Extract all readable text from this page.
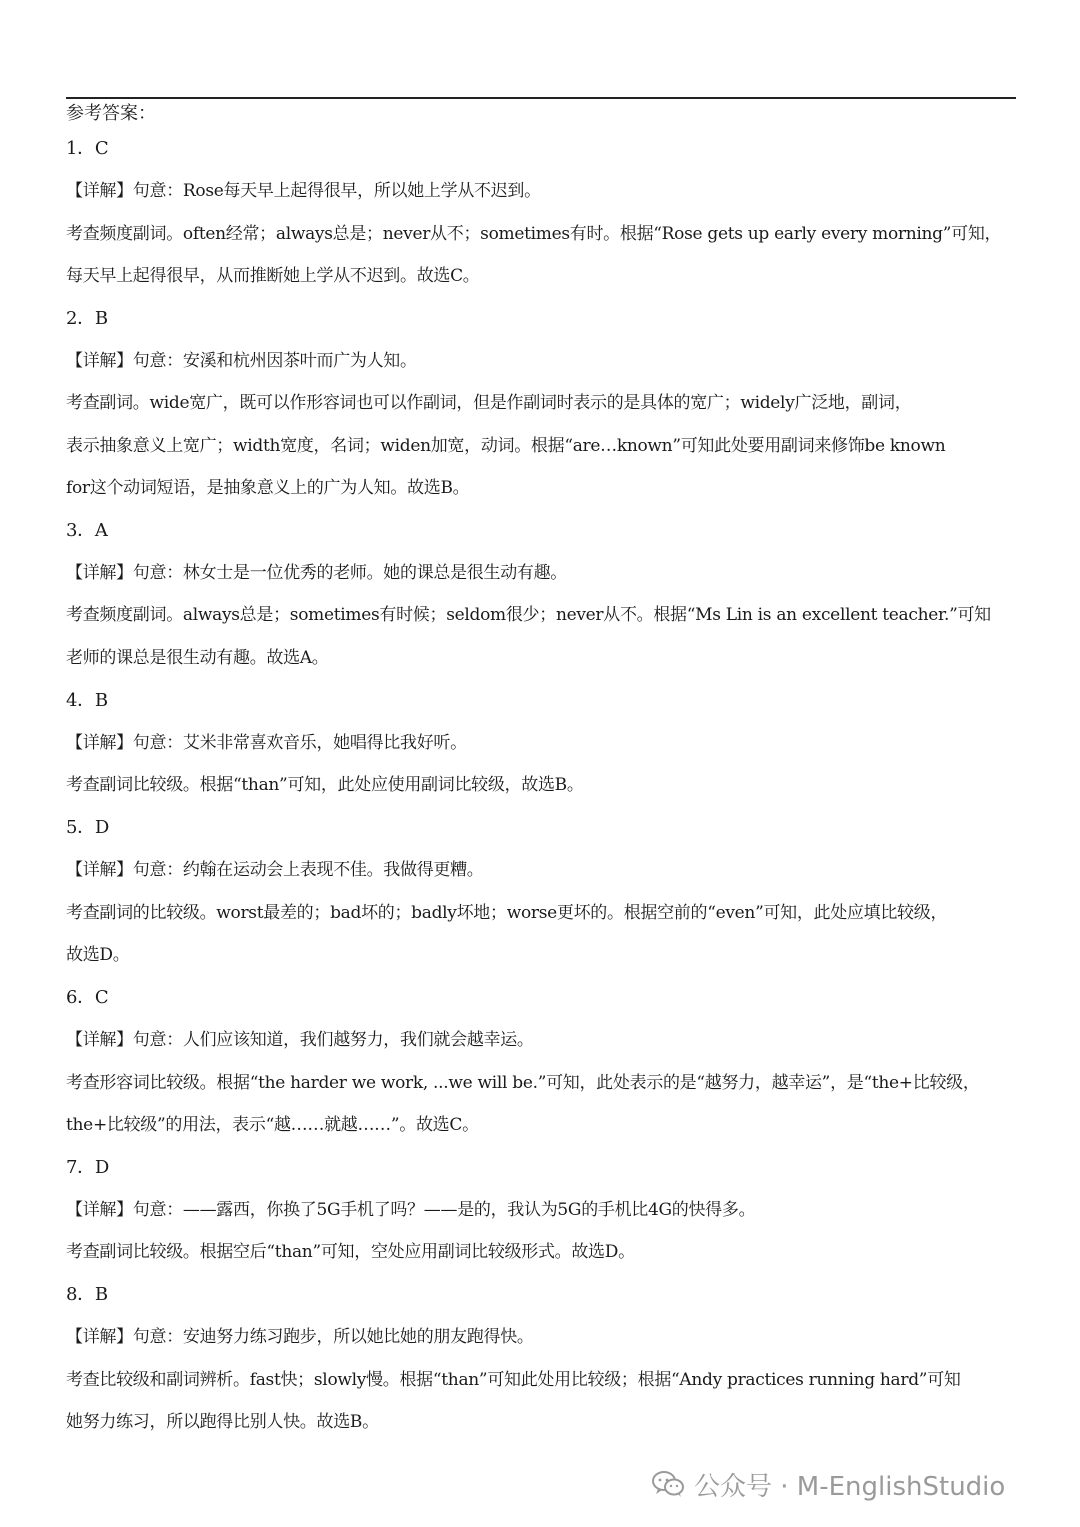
参考答案：
1．C
【详解】句意：Rose每天早上起得很早，所以她上学从不迟到。
考查频度副词。often经常；always总是；never从不；sometimes有时。根据“Rose gets up early every morning”可知，
每天早上起得很早，从而推断她上学从不迟到。故选C。
2．B
【详解】句意：安溪和杭州因茶叶而广为人知。
考查副词。wide宽广，既可以作形容词也可以作副词，但是作副词时表示的是具体的宽广；widely广泛地，副词，
表示抽象意义上宽广；width宽度，名词；widen加宽，动词。根据“are…known”可知此处要用副词来修饰be known
for这个动词短语，是抽象意义上的广为人知。故选B。
3．A
【详解】句意：林女士是一位优秀的老师。她的课总是很生动有趣。
考查频度副词。always总是；sometimes有时候；seldom很少；never从不。根据“Ms Lin is an excellent teacher.”可知
老师的课总是很生动有趣。故选A。
4．B
【详解】句意：艾米非常喜欢音乐，她唱得比我好听。
考查副词比较级。根据“than”可知，此处应使用副词比较级，故选B。
5．D
【详解】句意：约翰在运动会上表现不佳。我做得更糟。
考查副词的比较级。worst最差的；bad坏的；badly坏地；worse更坏的。根据空前的“even”可知，此处应填比较级，
故选D。
6．C
【详解】句意：人们应该知道，我们越努力，我们就会越幸运。
考查形容词比较级。根据“the harder we work, ...we will be.”可知，此处表示的是“越努力，越幸运”，是“the+比较级，
the+比较级”的用法，表示“越……就越……”。故选C。
7．D
【详解】句意：——露西，你换了5G手机了吗？——是的，我认为5G的手机比4G的快得多。
考查副词比较级。根据空后“than”可知，空处应用副词比较级形式。故选D。
8．B
【详解】句意：安迪努力练习跑步，所以她比她的朋友跑得快。
考查比较级和副词辨析。fast快；slowly慢。根据“than”可知此处用比较级；根据“Andy practices running hard”可知
她努力练习，所以跑得比别人快。故选B。
公众号 · M-EnglishStudio
